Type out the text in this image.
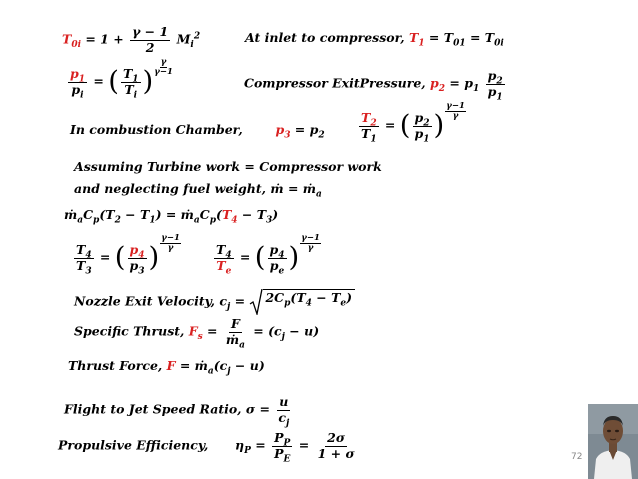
$T_{0i} = 1 + \frac{\gamma - 1}{2} M_i^2$	At inlet to compressor, $T_1 = T_{01} = T_{0i}$
$\frac{p_1}{p_i}$ = ( $\frac{T_1}{T_i}$ ) $\frac{\gamma}{\gamma-1}$
Compressor ExitPressure, $p_2 = p_1 \frac{p_2}{p_1}$
In combustion Chamber,	$p_3 = p_2$	$\frac{T_2}{T_1}$ = ( $\frac{p_2}{p_1}$ ) $\frac{\gamma-1}{\gamma}$
Assuming Turbine work = Compressor work
and neglecting fuel weight, ṁ = ṁ$_a$
$ṁ_aC_p(T_2 - T_1)$ = $ṁ_aC_p(T_4 - T_3)$
$\frac{T_4}{T_3}$ = ( $\frac{p_4}{p_3}$ ) $\frac{\gamma-1}{\gamma}$
$\frac{T_4}{T_e}$ = ( $\frac{p_4}{p_e}$ ) $\frac{\gamma-1}{\gamma}$
Nozzle Exit Velocity, $c_j = 2C_p(T_4 - T_e)$
Specific Thrust, $F_s = \frac{F}{ṁ_a} = (c_j - u)$
Thrust Force, $F = ṁ_a(c_j - u)$
Flight to Jet Speed Ratio, $\sigma = \frac{u}{c_j}$
Propulsive Efficiency, $\eta_P = \frac{P_P}{P_E} = \frac{2\sigma}{1 + \sigma}$	72
